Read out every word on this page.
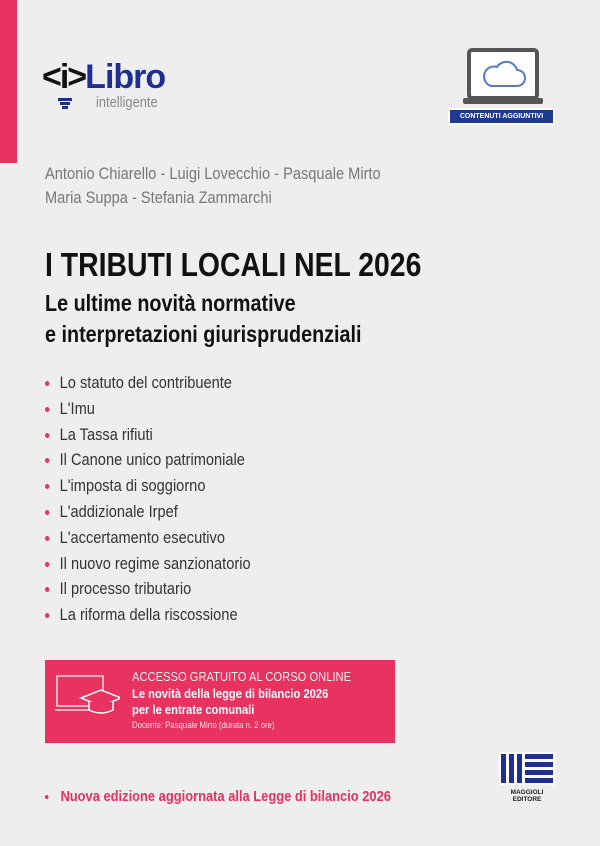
<i>Libro
intelligente
CONTENUTI AGGIUNTIVI
Antonio Chiarello - Luigi Lovecchio - Pasquale Mirto
Maria Suppa - Stefania Zammarchi
I TRIBUTI LOCALI NEL 2026
Le ultime novità normative
e interpretazioni giurisprudenziali
Lo statuto del contribuente
L'Imu
La Tassa rifiuti
Il Canone unico patrimoniale
L'imposta di soggiorno
L'addizionale Irpef
L'accertamento esecutivo
Il nuovo regime sanzionatorio
Il processo tributario
La riforma della riscossione
ACCESSO GRATUITO AL CORSO ONLINE
Le novità della legge di bilancio 2026
per le entrate comunali
Docente: Pasquale Mirto (durata n. 2 ore)
Nuova edizione aggiornata alla Legge di bilancio 2026	MAGGIOLI
EDITORE
